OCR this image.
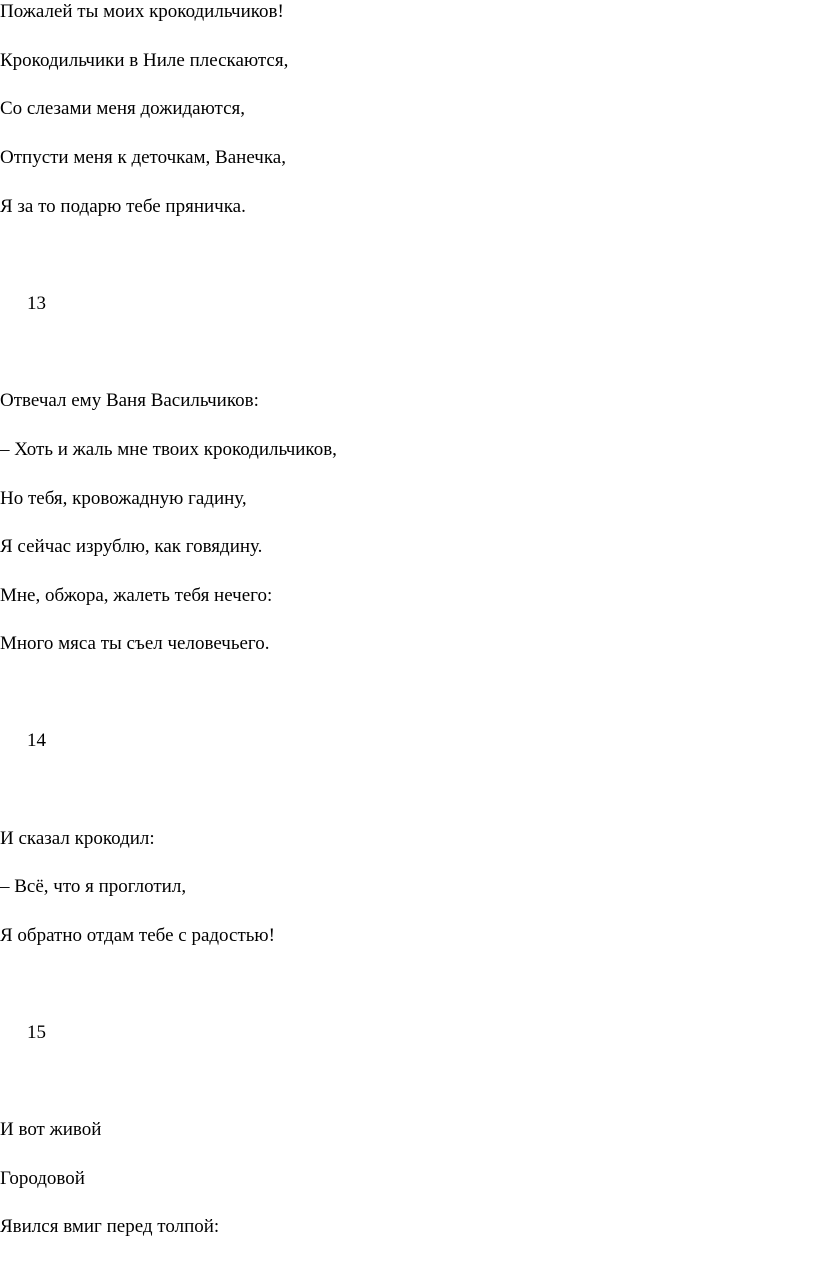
Пожалей ты моих крокодильчиков!
Крокодильчики в Ниле плескаются,
Со слезами меня дожидаются,
Отпусти меня к деточкам, Ванечка,
Я за то подарю тебе пряничка.
13
Отвечал ему Ваня Васильчиков:
– Хоть и жаль мне твоих крокодильчиков,
Но тебя, кровожадную гадину,
Я сейчас изрублю, как говядину.
Мне, обжора, жалеть тебя нечего:
Много мяса ты съел человечьего.
14
И сказал крокодил:
– Всё, что я проглотил,
Я обратно отдам тебе с радостью!
15
И вот живой
Городовой
Явился вмиг перед толпой:
